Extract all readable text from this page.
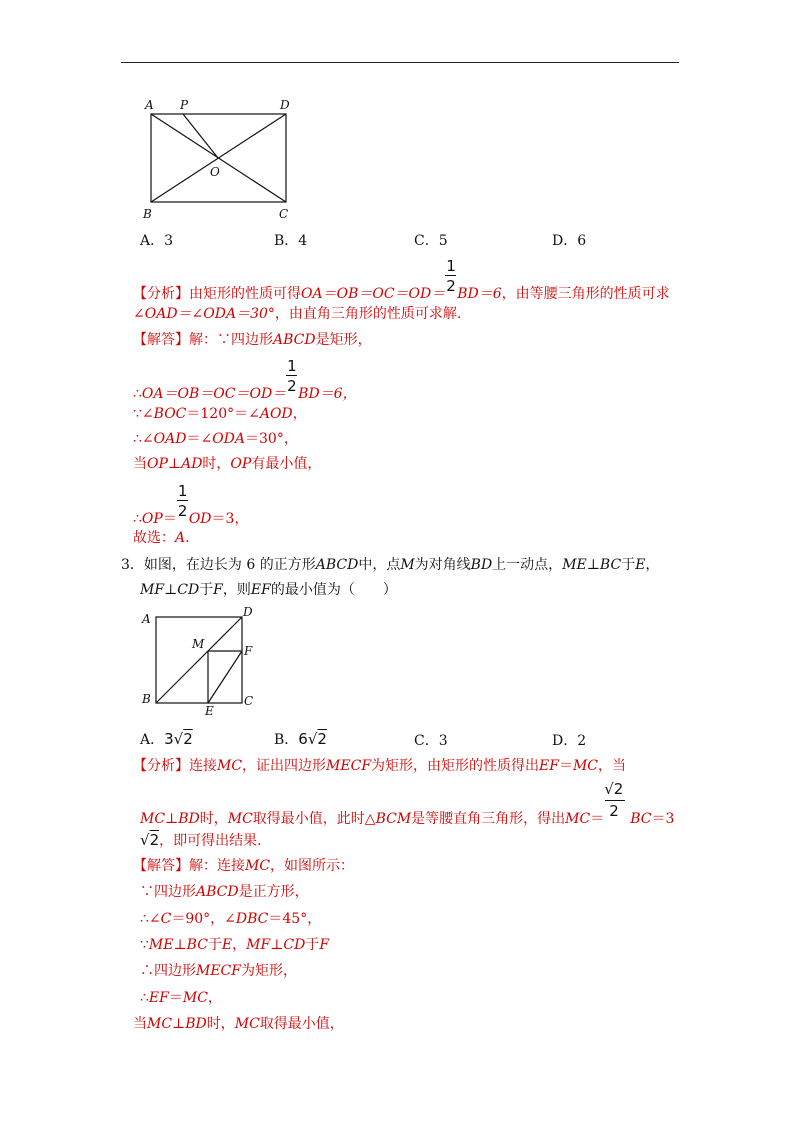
A P	D
O
B	C
A．3	B．4	C．5	D．6
【分析】由矩形的性质可得$OA=OB=OC=OD= \frac{1}{2} BD=6$，由等腰三角形的性质可求
∠OAD＝∠ODA＝30°，由直角三角形的性质可求解.
【解答】解：∵四边形ABCD是矩形，
∴OA＝OB＝OC＝OD＝ $\frac{1}{2} BD=6$，
∵∠BOC＝120°＝∠AOD，
∴∠OAD＝∠ODA＝30°，
当OP⊥AD时，OP有最小值，
∴OP＝ $\frac{1}{2} OD=3$，
故选：A.
3．如图，在边长为 6 的正方形ABCD中，点M为对角线BD上一动点，ME⊥BC于E，
MF⊥CD于F，则EF的最小值为（　　）
A	D
M	F
B
E
C
A．3√2	B．6√2	C．3	D．2
【分析】连接MC，证出四边形MECF为矩形，由矩形的性质得出EF＝MC，当
MC⊥BD时，MC取得最小值，此时△BCM是等腰直角三角形，得出$MC= \frac{√2}{2} BC=3$
√2，即可得出结果.
【解答】解：连接MC，如图所示：
∵四边形ABCD是正方形，
∴∠C＝90°，∠DBC＝45°，
∵ME⊥BC于E，MF⊥CD于F
∴四边形MECF为矩形，
∴EF＝MC，
当MC⊥BD时，MC取得最小值，
